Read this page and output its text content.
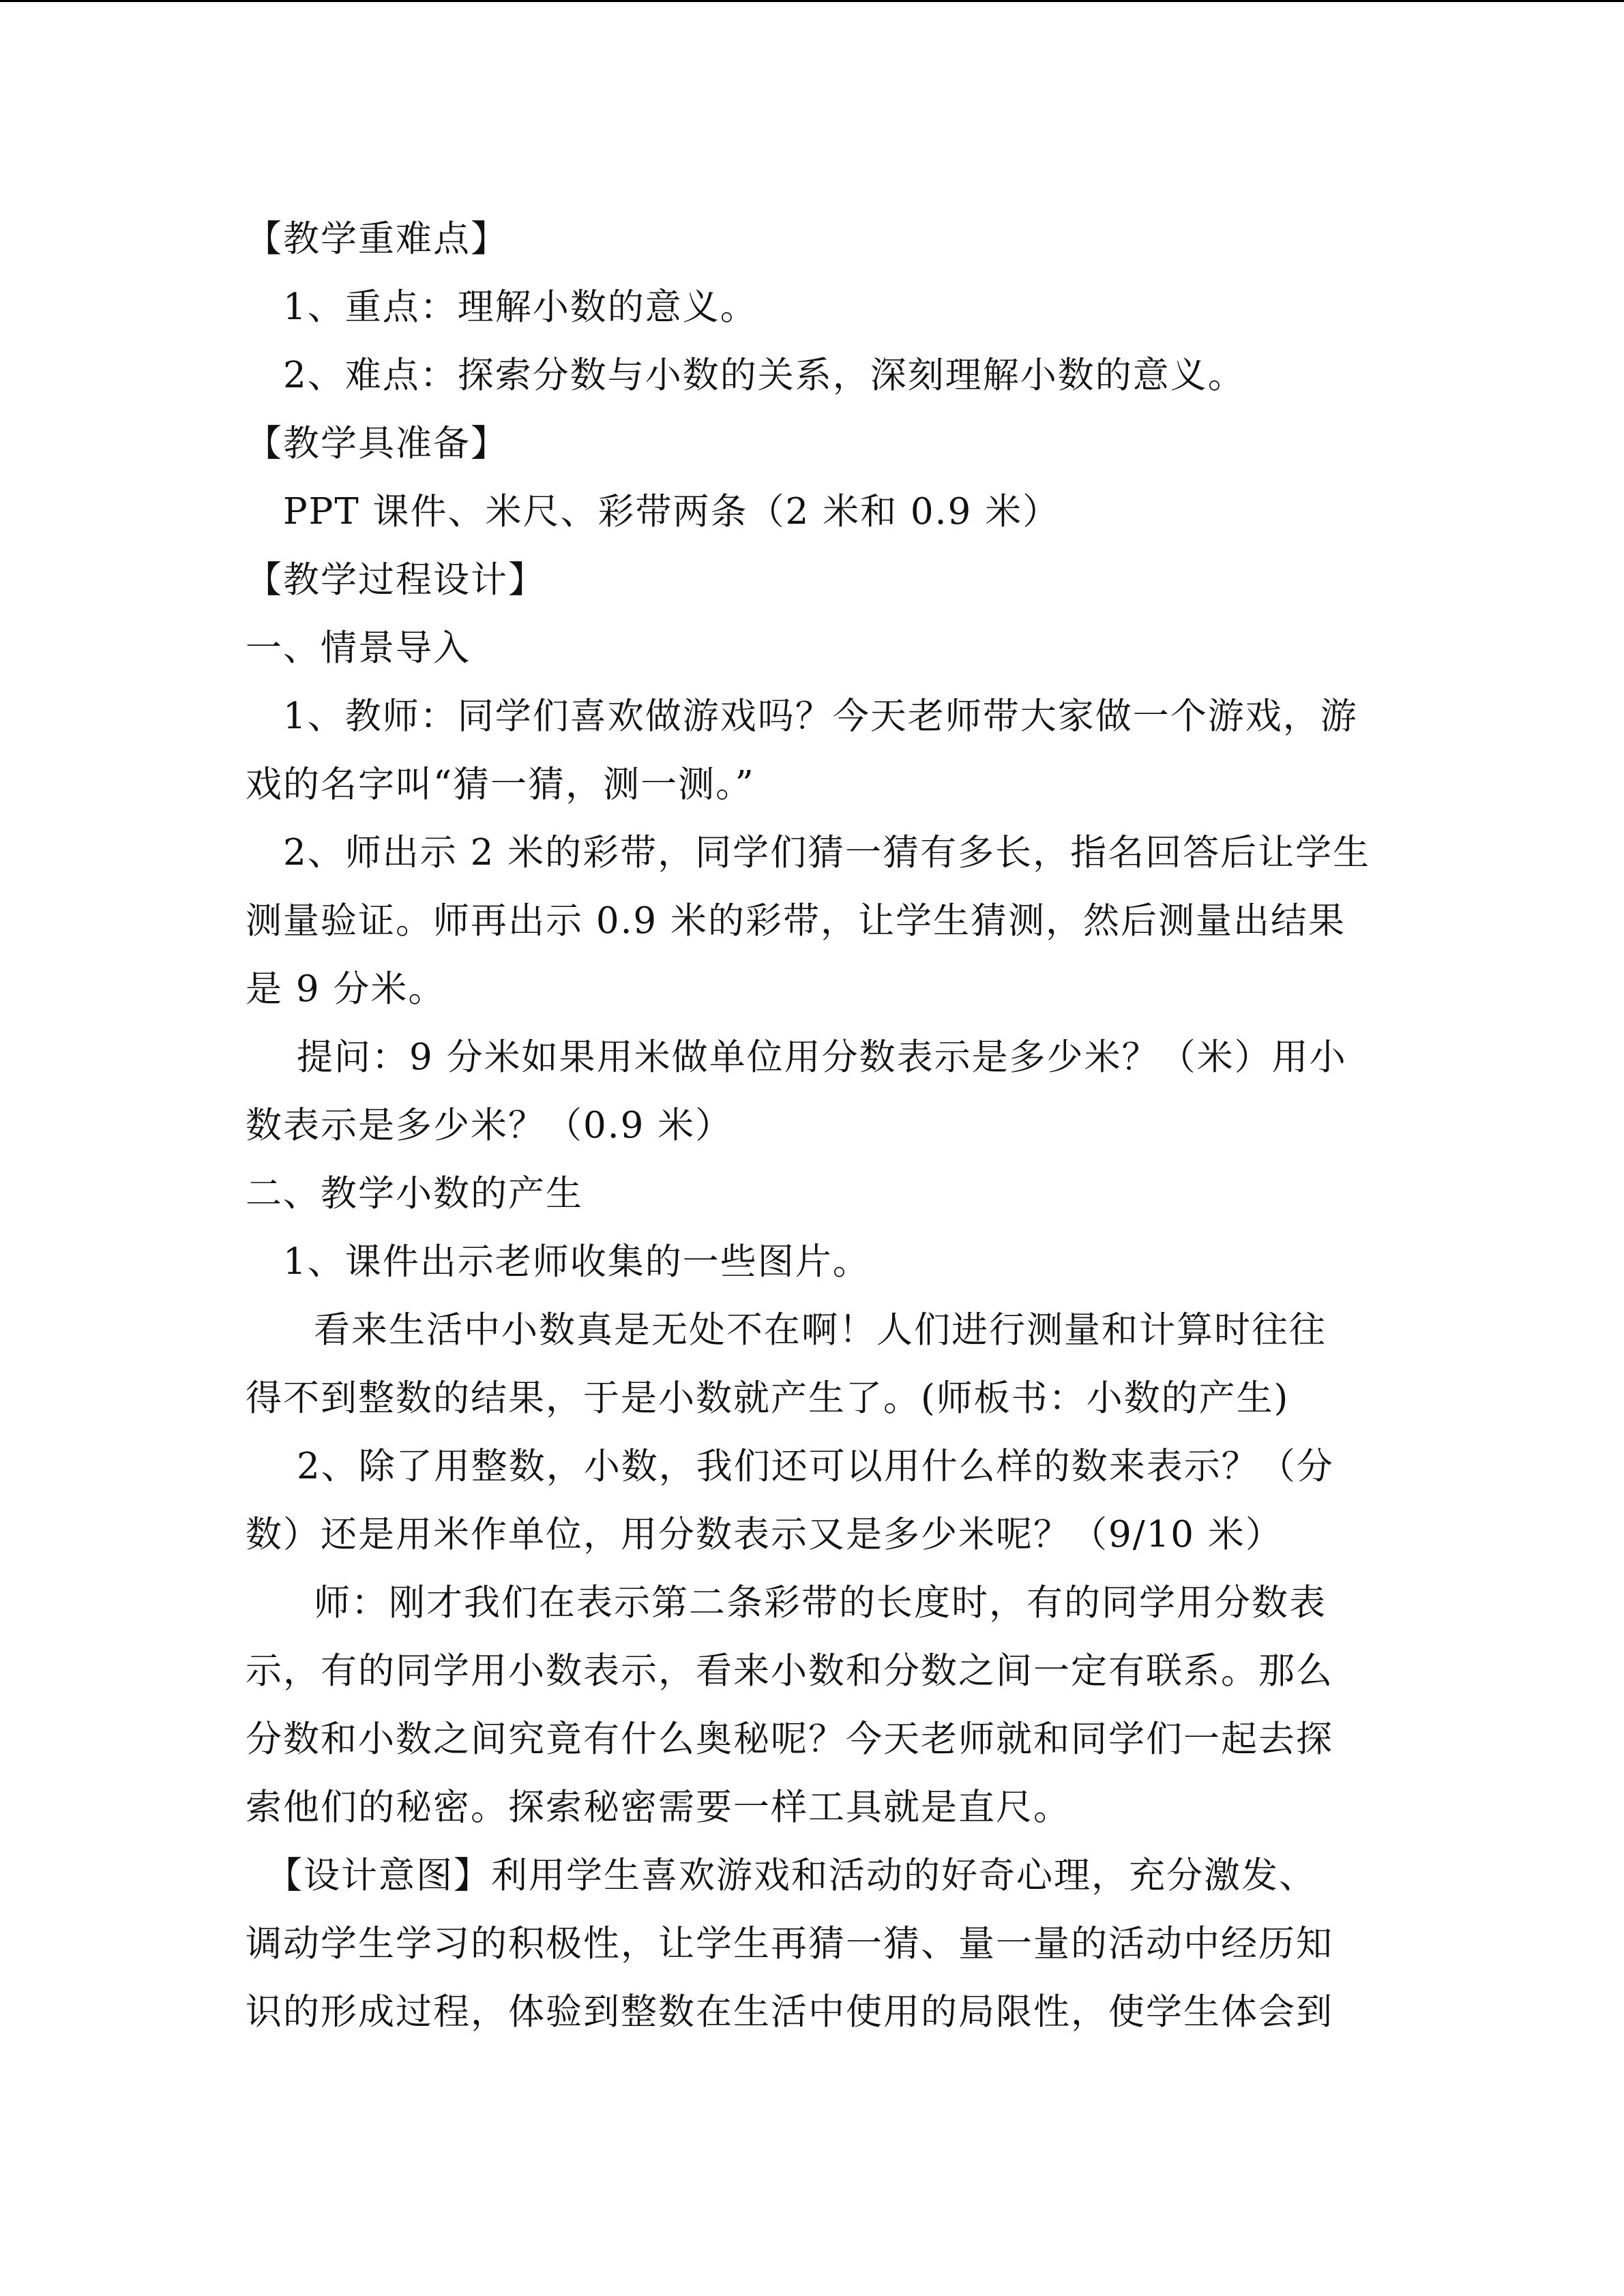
【教学重难点】

1、重点：理解小数的意义。

2、难点：探索分数与小数的关系，深刻理解小数的意义。

【教学具准备】

PPT 课件、米尺、彩带两条（2 米和 0.9 米）

【教学过程设计】

一、情景导入

1、教师：同学们喜欢做游戏吗？今天老师带大家做一个游戏，游

戏的名字叫“猜一猜，测一测。”

2、师出示 2 米的彩带，同学们猜一猜有多长，指名回答后让学生

测量验证。师再出示 0.9 米的彩带，让学生猜测，然后测量出结果

是 9 分米。

提问：9 分米如果用米做单位用分数表示是多少米？（米）用小

数表示是多少米？（0.9 米）

二、教学小数的产生

1、课件出示老师收集的一些图片。

看来生活中小数真是无处不在啊！人们进行测量和计算时往往

得不到整数的结果，于是小数就产生了。(师板书：小数的产生)

2、除了用整数，小数，我们还可以用什么样的数来表示？（分

数）还是用米作单位，用分数表示又是多少米呢？（9/10 米）

师：刚才我们在表示第二条彩带的长度时，有的同学用分数表

示，有的同学用小数表示，看来小数和分数之间一定有联系。那么

分数和小数之间究竟有什么奥秘呢？今天老师就和同学们一起去探

索他们的秘密。探索秘密需要一样工具就是直尺。

【设计意图】利用学生喜欢游戏和活动的好奇心理，充分激发、

调动学生学习的积极性，让学生再猜一猜、量一量的活动中经历知

识的形成过程，体验到整数在生活中使用的局限性，使学生体会到
